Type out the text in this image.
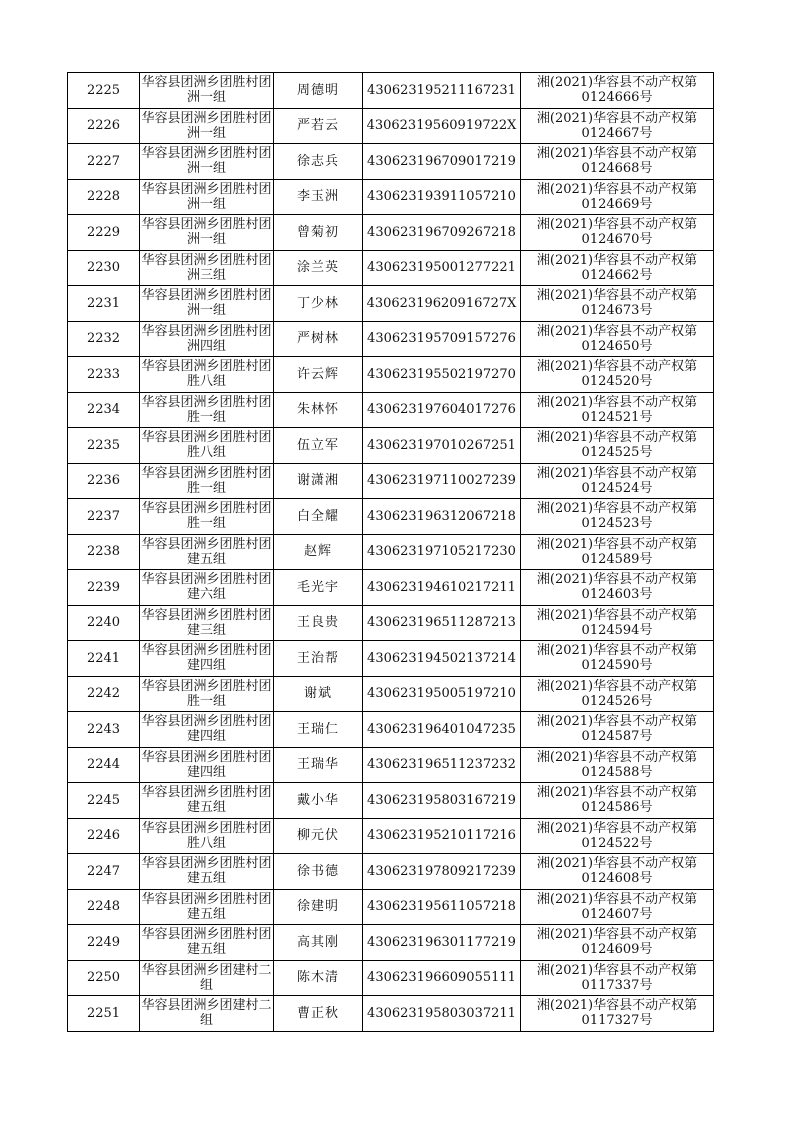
2225	华容县团洲乡团胜村团洲一组	周德明	430623195211167231	湘(2021)华容县不动产权第0124666号
2226	华容县团洲乡团胜村团洲一组	严若云	43062319560919722X	湘(2021)华容县不动产权第0124667号
2227	华容县团洲乡团胜村团洲一组	徐志兵	430623196709017219	湘(2021)华容县不动产权第0124668号
2228	华容县团洲乡团胜村团洲一组	李玉洲	430623193911057210	湘(2021)华容县不动产权第0124669号
2229	华容县团洲乡团胜村团洲一组	曾菊初	430623196709267218	湘(2021)华容县不动产权第0124670号
2230	华容县团洲乡团胜村团洲三组	涂兰英	430623195001277221	湘(2021)华容县不动产权第0124662号
2231	华容县团洲乡团胜村团洲一组	丁少林	43062319620916727X	湘(2021)华容县不动产权第0124673号
2232	华容县团洲乡团胜村团洲四组	严树林	430623195709157276	湘(2021)华容县不动产权第0124650号
2233	华容县团洲乡团胜村团胜八组	许云辉	430623195502197270	湘(2021)华容县不动产权第0124520号
2234	华容县团洲乡团胜村团胜一组	朱林怀	430623197604017276	湘(2021)华容县不动产权第0124521号
2235	华容县团洲乡团胜村团胜八组	伍立军	430623197010267251	湘(2021)华容县不动产权第0124525号
2236	华容县团洲乡团胜村团胜一组	谢潇湘	430623197110027239	湘(2021)华容县不动产权第0124524号
2237	华容县团洲乡团胜村团胜一组	白全耀	430623196312067218	湘(2021)华容县不动产权第0124523号
2238	华容县团洲乡团胜村团建五组	赵辉	430623197105217230	湘(2021)华容县不动产权第0124589号
2239	华容县团洲乡团胜村团建六组	毛光宇	430623194610217211	湘(2021)华容县不动产权第0124603号
2240	华容县团洲乡团胜村团建三组	王良贵	430623196511287213	湘(2021)华容县不动产权第0124594号
2241	华容县团洲乡团胜村团建四组	王治帮	430623194502137214	湘(2021)华容县不动产权第0124590号
2242	华容县团洲乡团胜村团胜一组	谢斌	430623195005197210	湘(2021)华容县不动产权第0124526号
2243	华容县团洲乡团胜村团建四组	王瑞仁	430623196401047235	湘(2021)华容县不动产权第0124587号
2244	华容县团洲乡团胜村团建四组	王瑞华	430623196511237232	湘(2021)华容县不动产权第0124588号
2245	华容县团洲乡团胜村团建五组	戴小华	430623195803167219	湘(2021)华容县不动产权第0124586号
2246	华容县团洲乡团胜村团胜八组	柳元伏	430623195210117216	湘(2021)华容县不动产权第0124522号
2247	华容县团洲乡团胜村团建五组	徐书德	430623197809217239	湘(2021)华容县不动产权第0124608号
2248	华容县团洲乡团胜村团建五组	徐建明	430623195611057218	湘(2021)华容县不动产权第0124607号
2249	华容县团洲乡团胜村团建五组	高其刚	430623196301177219	湘(2021)华容县不动产权第0124609号
2250	华容县团洲乡团建村二组	陈木清	430623196609055111	湘(2021)华容县不动产权第0117337号
2251	华容县团洲乡团建村二组	曹正秋	430623195803037211	湘(2021)华容县不动产权第0117327号
